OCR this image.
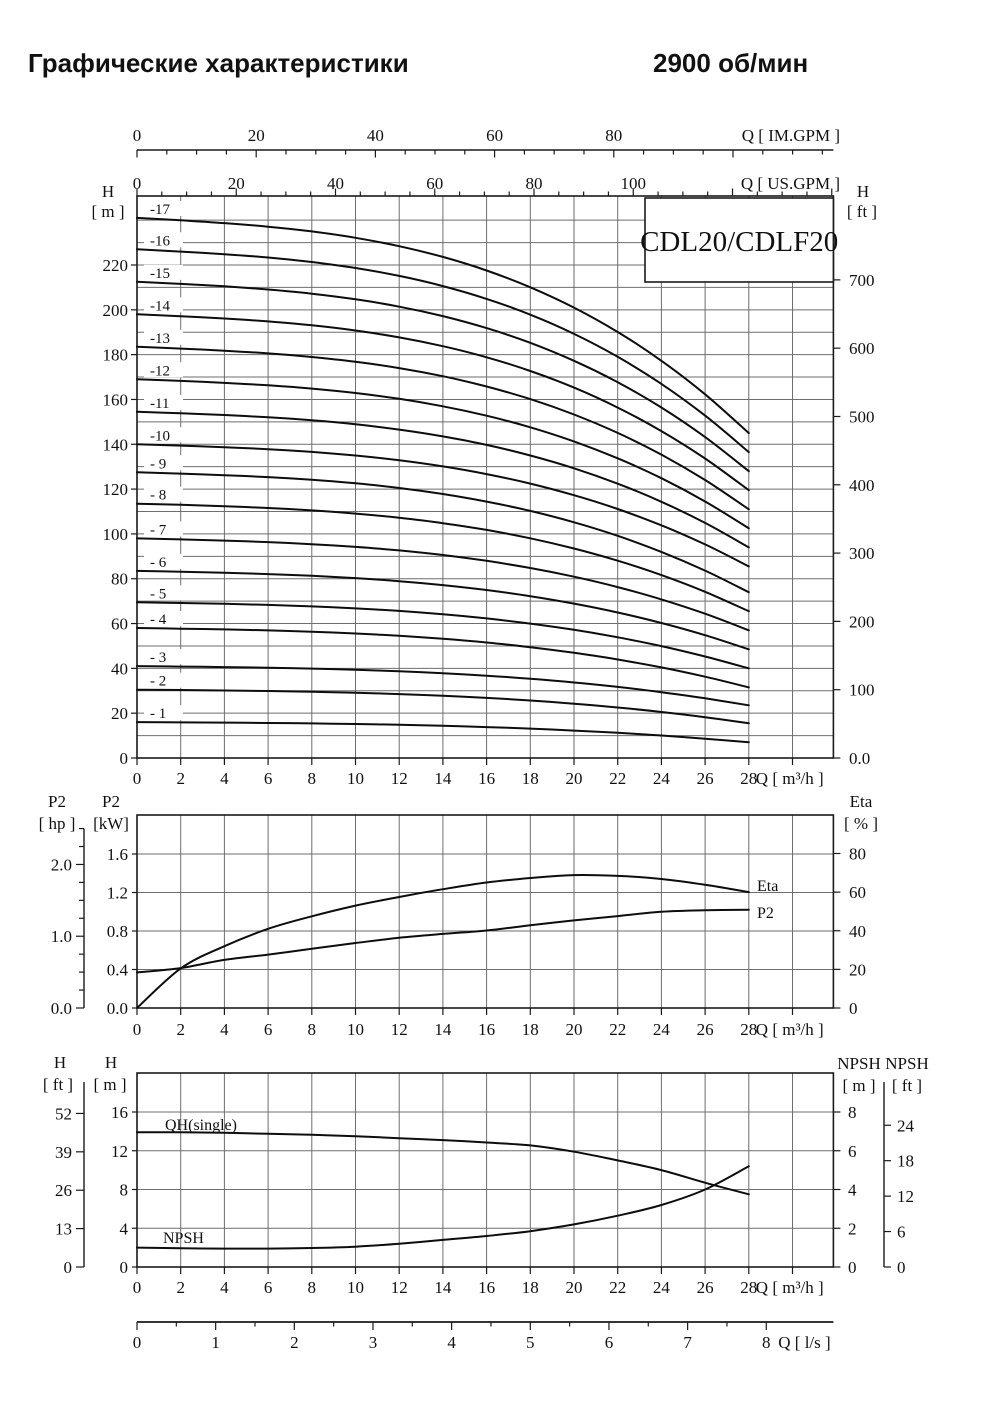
Графические характеристики	2900 об/мин
0	20	40	60	80	Q [ IM.GPM ]
0	20	40	60	80	100	Q [ US.GPM ]
H
[ m ]
0
20
40
60
80
100
120
140
160
180
200
220
H
[ ft ]
0.0
100
200
300
400
500
600
700
-17
-16
-15
-14
-13
-12
-11
-10
- 9
- 8
- 7
- 6
- 5
- 4
- 3
- 2
- 1
CDL20/CDLF20
0 2 4 6 8 10 12 14 16 18 20 22 24 26 28
Q [ m³/h ]
P2
[ hp ]
0.0
1.0
2.0
P2
[kW]
0.0
0.4
0.8
1.2
1.6
Eta
[ % ]
0
20
40
60
80
Eta
P2
0 2 4 6 8 10 12 14 16 18 20 22 24 26 28
Q [ m³/h ]
H
[ ft ]
0
13
26
39
52
H
[ m ]
0
4
8
12
16
NPSH
[ m ]
0
2
4
6
8
NPSH
[ ft ]
0
6
12
18
24
QH(single)
NPSH
0 2 4 6 8 10 12 14 16 18 20 22 24 26 28
Q [ m³/h ]
0	1	2	3	4	5	6	7	8 Q [ l/s ]
